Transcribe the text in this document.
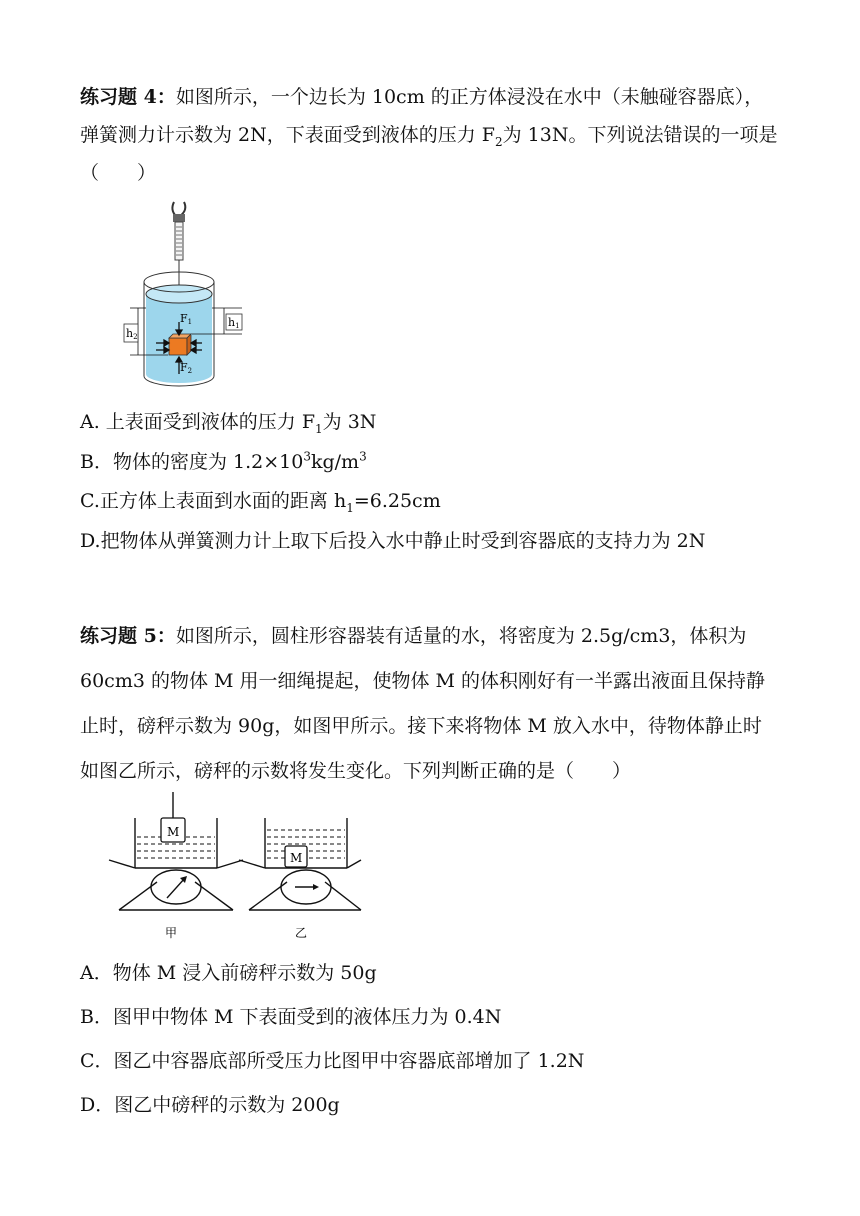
练习题 4：如图所示，一个边长为 10cm 的正方体浸没在水中（未触碰容器底），弹簧测力计示数为 2N，下表面受到液体的压力 $F_2$为 13N。下列说法错误的一项是（　　）
h1
h2
F1
F2
A. 上表面受到液体的压力 $F_1$为 3N
B．物体的密度为 $1.2\times 10^3kg/m^3$
C.正方体上表面到水面的距离 $h_1=6.25cm$
D.把物体从弹簧测力计上取下后投入水中静止时受到容器底的支持力为 2N
练习题 5：如图所示，圆柱形容器装有适量的水，将密度为 2.5g/cm3，体积为 60cm3 的物体 M 用一细绳提起，使物体 M 的体积刚好有一半露出液面且保持静止时，磅秤示数为 90g，如图甲所示。接下来将物体 M 放入水中，待物体静止时如图乙所示，磅秤的示数将发生变化。下列判断正确的是（　　）
M
M
甲	乙
A．物体 M 浸入前磅秤示数为 50g
B．图甲中物体 M 下表面受到的液体压力为 0.4N
C．图乙中容器底部所受压力比图甲中容器底部增加了 1.2N
D．图乙中磅秤的示数为 200g
